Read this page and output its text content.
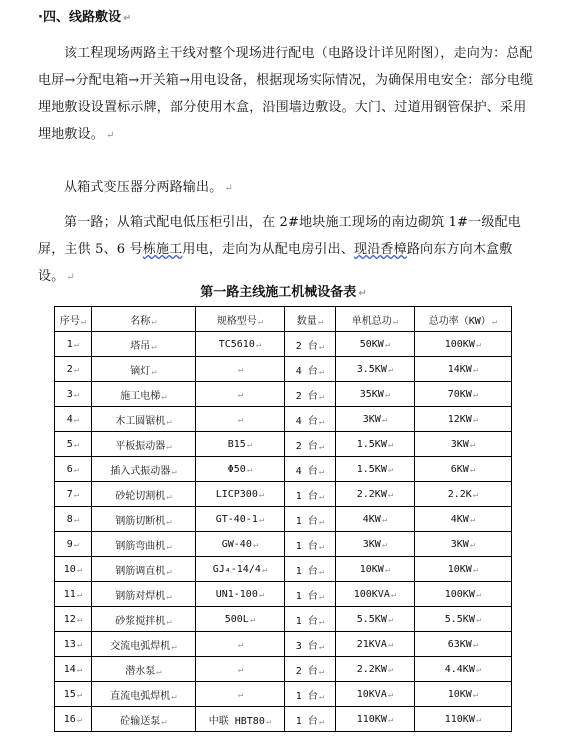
·四、线路敷设 ↵

该工程现场两路主干线对整个现场进行配电（电路设计详见附图），走向为：总配电屏→分配电箱→开关箱→用电设备，根据现场实际情况，为确保用电安全：部分电缆埋地敷设设置标示牌，部分使用木盒，沿围墙边敷设。大门、过道用钢管保护、采用埋地敷设。 ↵

从箱式变压器分两路输出。 ↵

第一路；从箱式配电低压柜引出，在 2#地块施工现场的南边砌筑 1#一级配电屏，主供 5、6 号栋施工用电，走向为从配电房引出、现沿香樟路向东方向木盒敷设。 ↵

第一路主线施工机械设备表 ↵
序号↵	名称↵	规格型号↵	数量↵	单机总功↵	总功率（KW）↵
1↵	塔吊↵	TC5610↵	2 台↵	50KW↵	100KW↵
2↵	镝灯↵	↵	4 台↵	3.5KW↵	14KW↵
3↵	施工电梯↵	↵	2 台↵	35KW↵	70KW↵
4↵	木工圆锯机↵	↵	4 台↵	3KW↵	12KW↵
5↵	平板振动器↵	B15↵	2 台↵	1.5KW↵	3KW↵
6↵	插入式振动器↵	Φ50↵	4 台↵	1.5KW↵	6KW↵
7↵	砂轮切割机↵	LICP300↵	1 台↵	2.2KW↵	2.2K↵
8↵	钢筋切断机↵	GT-40-1↵	1 台↵	4KW↵	4KW↵
9↵	钢筋弯曲机↵	GW-40↵	1 台↵	3KW↵	3KW↵
10↵	钢筋调直机↵	GJ₄-14/4↵	1 台↵	10KW↵	10KW↵
11↵	钢筋对焊机↵	UN1-100↵	1 台↵	100KVA↵	100KW↵
12↵	砂浆搅拌机↵	500L↵	1 台↵	5.5KW↵	5.5KW↵
13↵	交流电弧焊机↵	↵	3 台↵	21KVA↵	63KW↵
14↵	潜水泵↵	↵	2 台↵	2.2KW↵	4.4KW↵
15↵	直流电弧焊机↵	↵	1 台↵	10KVA↵	10KW↵
16↵	砼输送泵↵	中联 HBT80↵	1 台↵	110KW↵	110KW↵
